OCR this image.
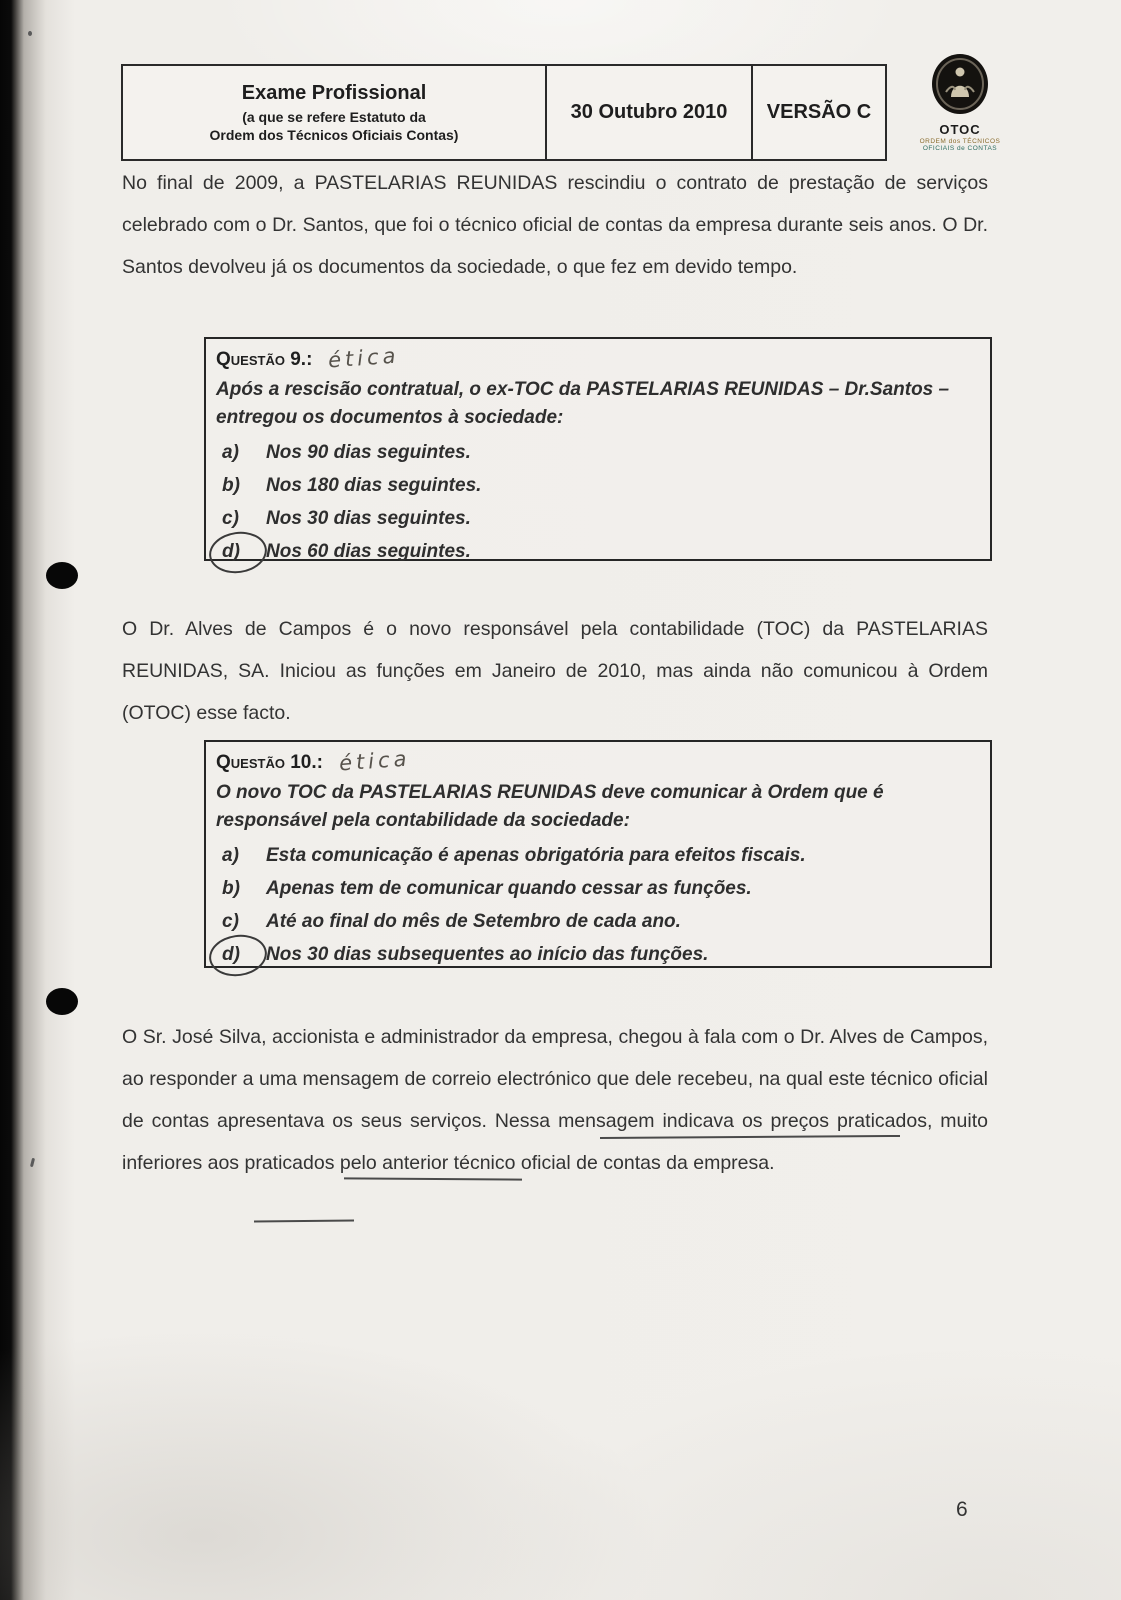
Exame Profissional
(a que se refere Estatuto da
Ordem dos Técnicos Oficiais Contas)
30 Outubro 2010	VERSÃO C
OTOC
ORDEM dos TÉCNICOS
OFICIAIS de CONTAS

No final de 2009, a PASTELARIAS REUNIDAS rescindiu o contrato de prestação de serviços celebrado com o Dr. Santos, que foi o técnico oficial de contas da empresa durante seis anos. O Dr. Santos devolveu já os documentos da sociedade, o que fez em devido tempo.

Questão 9.: ética
Após a rescisão contratual, o ex-TOC da PASTELARIAS REUNIDAS – Dr.Santos – entregou os documentos à sociedade:
a)	Nos 90 dias seguintes.
b)	Nos 180 dias seguintes.
c)	Nos 30 dias seguintes.
d)	Nos 60 dias seguintes.

O Dr. Alves de Campos é o novo responsável pela contabilidade (TOC) da PASTELARIAS REUNIDAS, SA. Iniciou as funções em Janeiro de 2010, mas ainda não comunicou à Ordem (OTOC) esse facto.

Questão 10.: ética
O novo TOC da PASTELARIAS REUNIDAS deve comunicar à Ordem que é responsável pela contabilidade da sociedade:
a)	Esta comunicação é apenas obrigatória para efeitos fiscais.
b)	Apenas tem de comunicar quando cessar as funções.
c)	Até ao final do mês de Setembro de cada ano.
d)	Nos 30 dias subsequentes ao início das funções.

O Sr. José Silva, accionista e administrador da empresa, chegou à fala com o Dr. Alves de Campos, ao responder a uma mensagem de correio electrónico que dele recebeu, na qual este técnico oficial de contas apresentava os seus serviços. Nessa mensagem indicava os preços praticados, muito inferiores aos praticados pelo anterior técnico oficial de contas da empresa.

6
